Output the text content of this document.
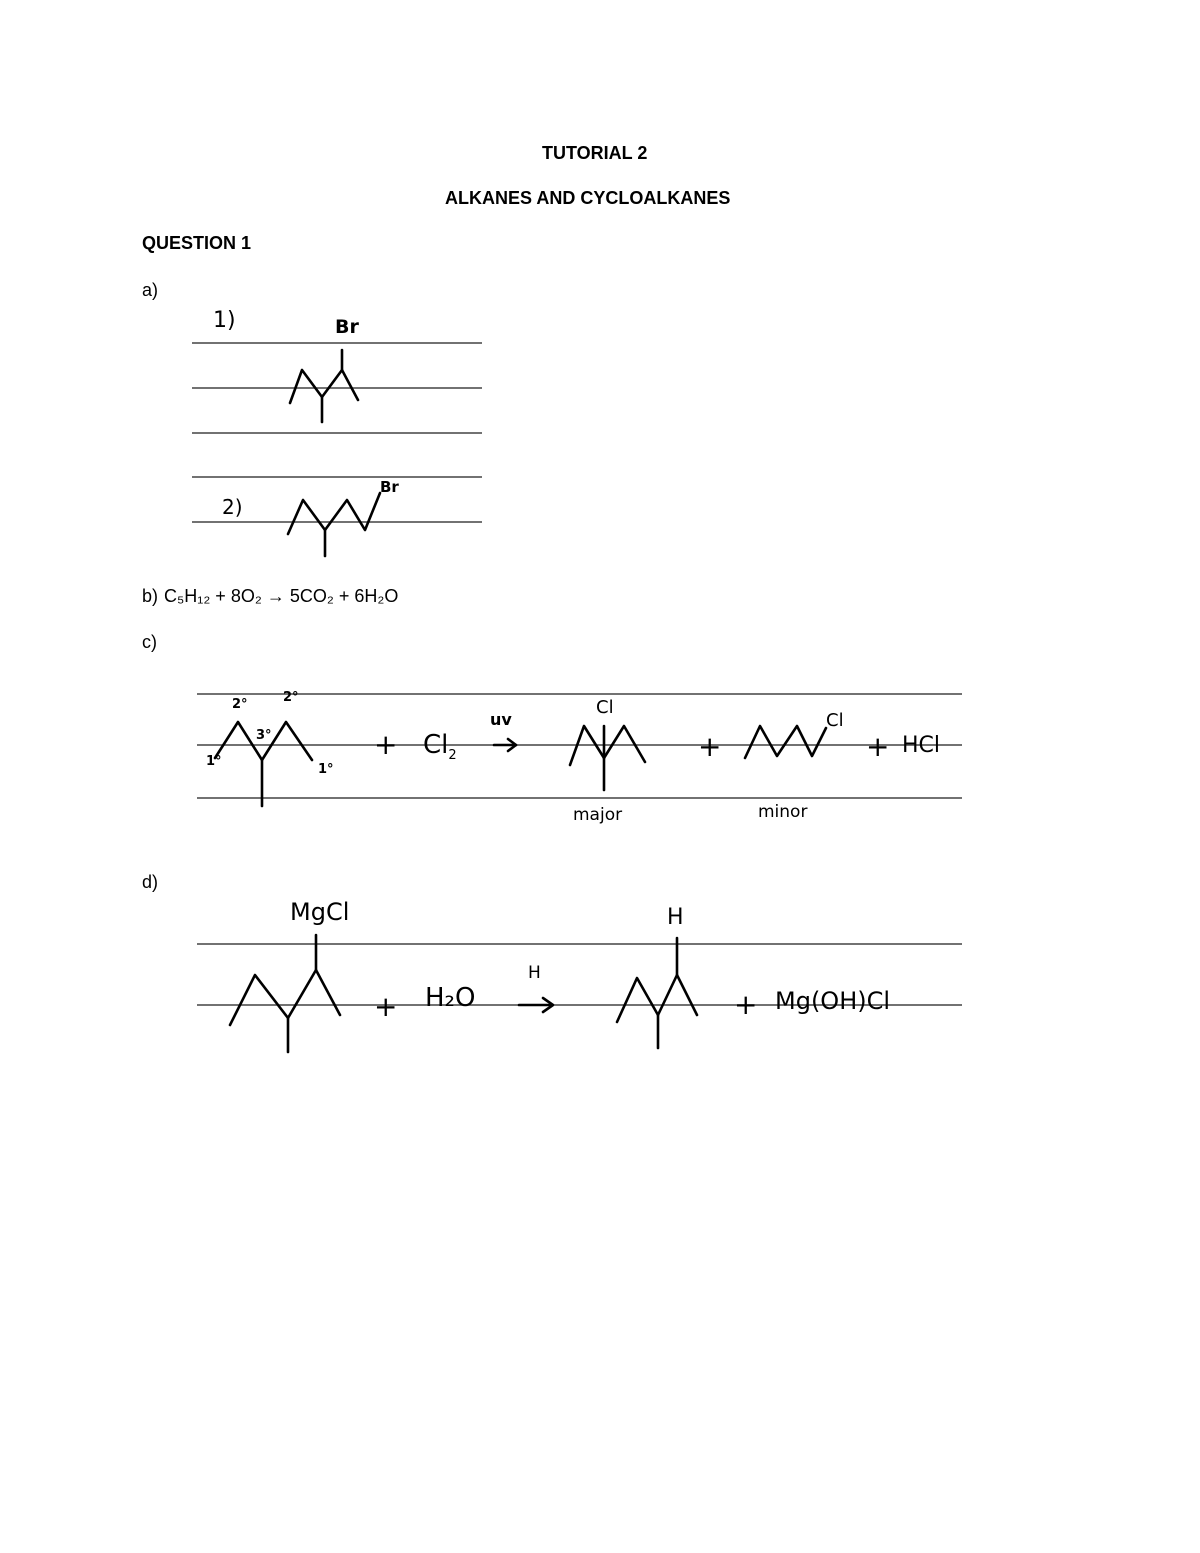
TUTORIAL 2
ALKANES AND CYCLOALKANES
QUESTION 1
a)
1)	Br
2)
Br
b) C₅H₁₂ + 8O₂ → 5CO₂ + 6H₂O
c)
2°	2°
3°
1°
1°
+ $Cl_2$
uv
Cl
+
Cl
+ HCl
major	minor
d)
MgCl
+ H₂O
H
H
+ Mg(OH)Cl
